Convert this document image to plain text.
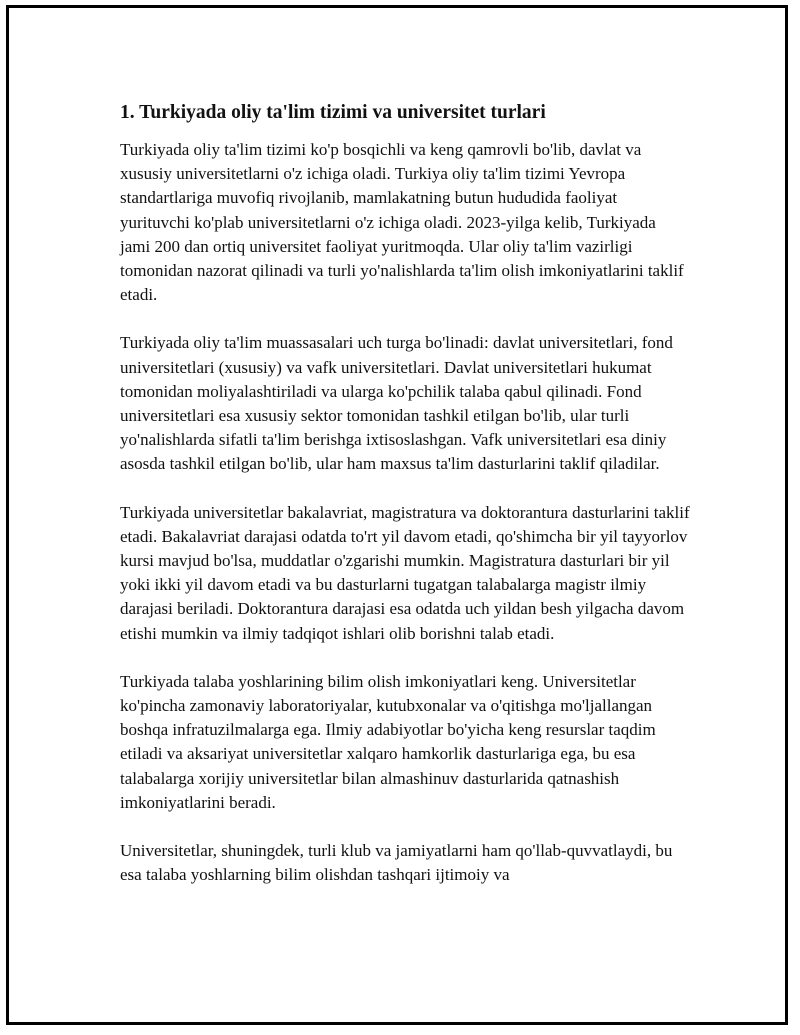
1. Turkiyada oliy ta'lim tizimi va universitet turlari

Turkiyada oliy ta'lim tizimi ko'p bosqichli va keng qamrovli bo'lib, davlat va xususiy universitetlarni o'z ichiga oladi. Turkiya oliy ta'lim tizimi Yevropa standartlariga muvofiq rivojlanib, mamlakatning butun hududida faoliyat yurituvchi ko'plab universitetlarni o'z ichiga oladi. 2023-yilga kelib, Turkiyada jami 200 dan ortiq universitet faoliyat yuritmoqda. Ular oliy ta'lim vazirligi tomonidan nazorat qilinadi va turli yo'nalishlarda ta'lim olish imkoniyatlarini taklif etadi.

Turkiyada oliy ta'lim muassasalari uch turga bo'linadi: davlat universitetlari, fond universitetlari (xususiy) va vafk universitetlari. Davlat universitetlari hukumat tomonidan moliyalashtiriladi va ularga ko'pchilik talaba qabul qilinadi. Fond universitetlari esa xususiy sektor tomonidan tashkil etilgan bo'lib, ular turli yo'nalishlarda sifatli ta'lim berishga ixtisoslashgan. Vafk universitetlari esa diniy asosda tashkil etilgan bo'lib, ular ham maxsus ta'lim dasturlarini taklif qiladilar.

Turkiyada universitetlar bakalavriat, magistratura va doktorantura dasturlarini taklif etadi. Bakalavriat darajasi odatda to'rt yil davom etadi, qo'shimcha bir yil tayyorlov kursi mavjud bo'lsa, muddatlar o'zgarishi mumkin. Magistratura dasturlari bir yil yoki ikki yil davom etadi va bu dasturlarni tugatgan talabalarga magistr ilmiy darajasi beriladi. Doktorantura darajasi esa odatda uch yildan besh yilgacha davom etishi mumkin va ilmiy tadqiqot ishlari olib borishni talab etadi.

Turkiyada talaba yoshlarining bilim olish imkoniyatlari keng. Universitetlar ko'pincha zamonaviy laboratoriyalar, kutubxonalar va o'qitishga mo'ljallangan boshqa infratuzilmalarga ega. Ilmiy adabiyotlar bo'yicha keng resurslar taqdim etiladi va aksariyat universitetlar xalqaro hamkorlik dasturlariga ega, bu esa talabalarga xorijiy universitetlar bilan almashinuv dasturlarida qatnashish imkoniyatlarini beradi.

Universitetlar, shuningdek, turli klub va jamiyatlarni ham qo'llab-quvvatlaydi, bu esa talaba yoshlarning bilim olishdan tashqari ijtimoiy va
